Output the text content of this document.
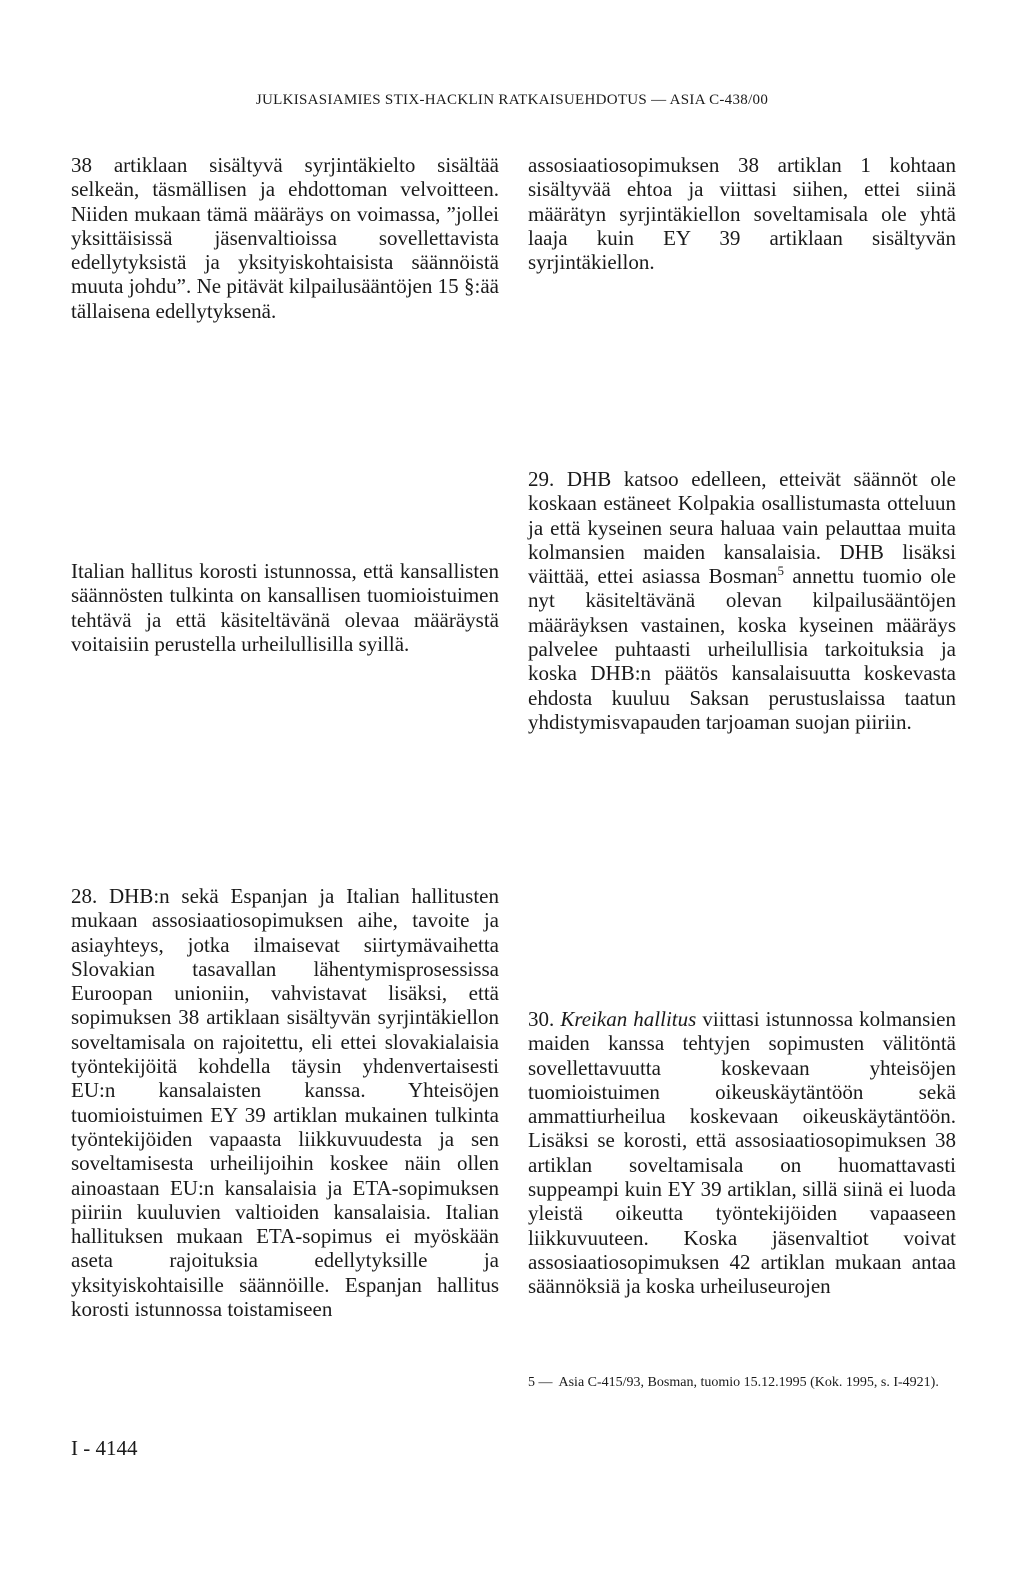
JULKISASIAMIES STIX-HACKLIN RATKAISUEHDOTUS — ASIA C-438/00

38 artiklaan sisältyvä syrjintäkielto sisältää selkeän, täsmällisen ja ehdottoman velvoitteen. Niiden mukaan tämä määräys on voimassa, ”jollei yksittäisissä jäsenvaltioissa sovellettavista edellytyksistä ja yksityiskohtaisista säännöistä muuta johdu”. Ne pitävät kilpailusääntöjen 15 §:ää tällaisena edellytyksenä.

assosiaatiosopimuksen 38 artiklan 1 kohtaan sisältyvää ehtoa ja viittasi siihen, ettei siinä määrätyn syrjintäkiellon soveltamisala ole yhtä laaja kuin EY 39 artiklaan sisältyvän syrjintäkiellon.

Italian hallitus korosti istunnossa, että kansallisten säännösten tulkinta on kansallisen tuomioistuimen tehtävä ja että käsiteltävänä olevaa määräystä voitaisiin perustella urheilullisilla syillä.

29. DHB katsoo edelleen, etteivät säännöt ole koskaan estäneet Kolpakia osallistumasta otteluun ja että kyseinen seura haluaa vain pelauttaa muita kolmansien maiden kansalaisia. DHB lisäksi väittää, ettei asiassa Bosman$^5$ annettu tuomio ole nyt käsiteltävänä olevan kilpailusääntöjen määräyksen vastainen, koska kyseinen määräys palvelee puhtaasti urheilullisia tarkoituksia ja koska DHB:n päätös kansalaisuutta koskevasta ehdosta kuuluu Saksan perustuslaissa taatun yhdistymisvapauden tarjoaman suojan piiriin.

28. DHB:n sekä Espanjan ja Italian hallitusten mukaan assosiaatiosopimuksen aihe, tavoite ja asiayhteys, jotka ilmaisevat siirtymävaihetta Slovakian tasavallan lähentymisprosessissa Euroopan unioniin, vahvistavat lisäksi, että sopimuksen 38 artiklaan sisältyvän syrjintäkiellon soveltamisala on rajoitettu, eli ettei slovakialaisia työntekijöitä kohdella täysin yhdenvertaisesti EU:n kansalaisten kanssa. Yhteisöjen tuomioistuimen EY 39 artiklan mukainen tulkinta työntekijöiden vapaasta liikkuvuudesta ja sen soveltamisesta urheilijoihin koskee näin ollen ainoastaan EU:n kansalaisia ja ETA-sopimuksen piiriin kuuluvien valtioiden kansalaisia. Italian hallituksen mukaan ETA-sopimus ei myöskään aseta rajoituksia edellytyksille ja yksityiskohtaisille säännöille. Espanjan hallitus korosti istunnossa toistamiseen

30. Kreikan hallitus viittasi istunnossa kolmansien maiden kanssa tehtyjen sopimusten välitöntä sovellettavuutta koskevaan yhteisöjen tuomioistuimen oikeuskäytäntöön sekä ammattiurheilua koskevaan oikeuskäytäntöön. Lisäksi se korosti, että assosiaatiosopimuksen 38 artiklan soveltamisala on huomattavasti suppeampi kuin EY 39 artiklan, sillä siinä ei luoda yleistä oikeutta työntekijöiden vapaaseen liikkuvuuteen. Koska jäsenvaltiot voivat assosiaatiosopimuksen 42 artiklan mukaan antaa säännöksiä ja koska urheiluseurojen

5 — Asia C-415/93, Bosman, tuomio 15.12.1995 (Kok. 1995, s. I-4921).
I - 4144
